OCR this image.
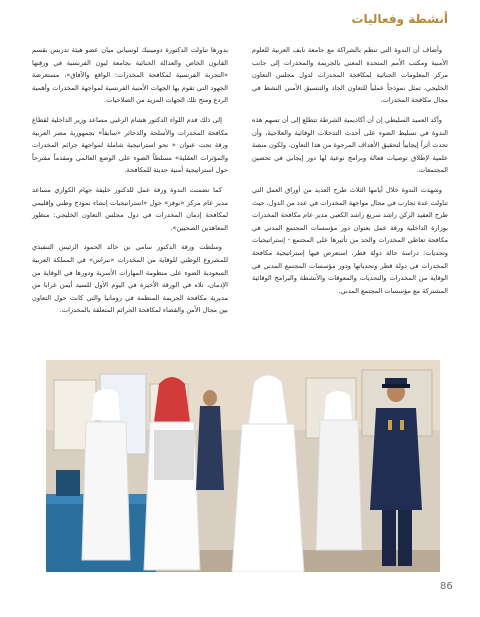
أنشطة وفعاليات

وأضاف أن الندوة التي تنظم بالشراكة مع جامعة نايف العربية للعلوم الأمنية ومكتب الأمم المتحدة المعني بالجريمة والمخدرات إلى جانب مركز المعلومات الجنائية لمكافحة المخدرات لدول مجلس التعاون الخليجي، تمثل نموذجاً عملياً للتعاون الجاد والتنسيق الأمني النشط في مجال مكافحة المخدرات.

وأكد العميد السليطي إن أن أكاديمية الشرطة تتطلع إلى أن تسهم هذه الندوة في تسليط الضوء على أحدث التدخلات الوقائية والعلاجية، وأن تحدث أثراً إيجابياً لتحقيق الأهداف المرجوة من هذا التعاون، ولكون منصة علمية لإطلاق توصيات فعالة وبرامج نوعية لها دور إيجابي في تحصين المجتمعات.

وشهدت الندوة خلال أيامها الثلاث طرح العديد من أوراق العمل التي تناولت عدة تجارب في مجال مواجهة المخدرات في عدد من الدول، حيث طرح العقيد الركن راشد سريع راشد الكعبي مدير عام مكافحة المخدرات بوزارة الداخلية ورقة عمل بعنوان دور مؤسسات المجتمع المدني في مكافحة تعاطي المخدرات والحد من تأثيرها على المجتمع - إستراتيجيات وتحديات: دراسة حالة دولة قطر، استعرض فيها إستراتيجية مكافحة المخدرات في دولة قطر وتحدياتها ودور مؤسسات المجتمع المدني في الوقاية من المخدرات والتحديات والمعوقات والأنشطة والبرامج الوقائية المشتركة مع مؤسسات المجتمع المدني.

بدورها تناولت الدكتورة دومينيك لوسياني ميان عضو هيئة تدريس بقسم القانون الخاص والعدالة الجنائية بجامعة ليون الفرنسية في ورقتها «التجربة الفرنسية لمكافحة المخدرات: الواقع والآفاق»، مستعرضة الجهود التي تقوم بها الجهات الأمنية الفرنسية لمواجهة المخدرات وأهمية الردع ومنح تلك الجهات المزيد من الصلاحيات.

إلى ذلك قدم اللواء الدكتور هشام الزغبي مساعد وزير الداخلية لقطاع مكافحة المخدرات والأسلحة والذخائر «سابقاً» بجمهورية مصر العربية ورقة تحت عنوان « نحو استراتيجية شاملة لمواجهة جرائم المخدرات والمؤثرات العقلية» مسلطاً الضوء على الوضع العالمي ومقدماً مقترحاً حول استراتيجية أمنية حديثة للمكافحة.

كما تضمنت الندوة ورقة عمل للدكتور خليفة جهام الكواري مساعد مدير عام مركز «نوفر» حول «استراتيجيات إنشاء نموذج وطني وإقليمي لمكافحة إدمان المخدرات في دول مجلس التعاون الخليجي: منظور المعاهدين الصحيين».

وسلطت ورقة الدكتور سامي بن خالد الحمود الرئيس التنفيذي للمشروع الوطني للوقاية من المخدرات «نبراس» في المملكة العربية السعودية الضوء على منظومة المهارات الأسرية ودورها في الوقاية من الإدمان، تلاه في الورقة الأخيرة في اليوم الأول للسيد أيمن غرابا من مديرية مكافحة الجريمة المنظمة في رومانيا والتي كانت حول التعاون بين مجال الأمن والقضاء لمكافحة الجرائم المتعلقة بالمخدرات.

86
